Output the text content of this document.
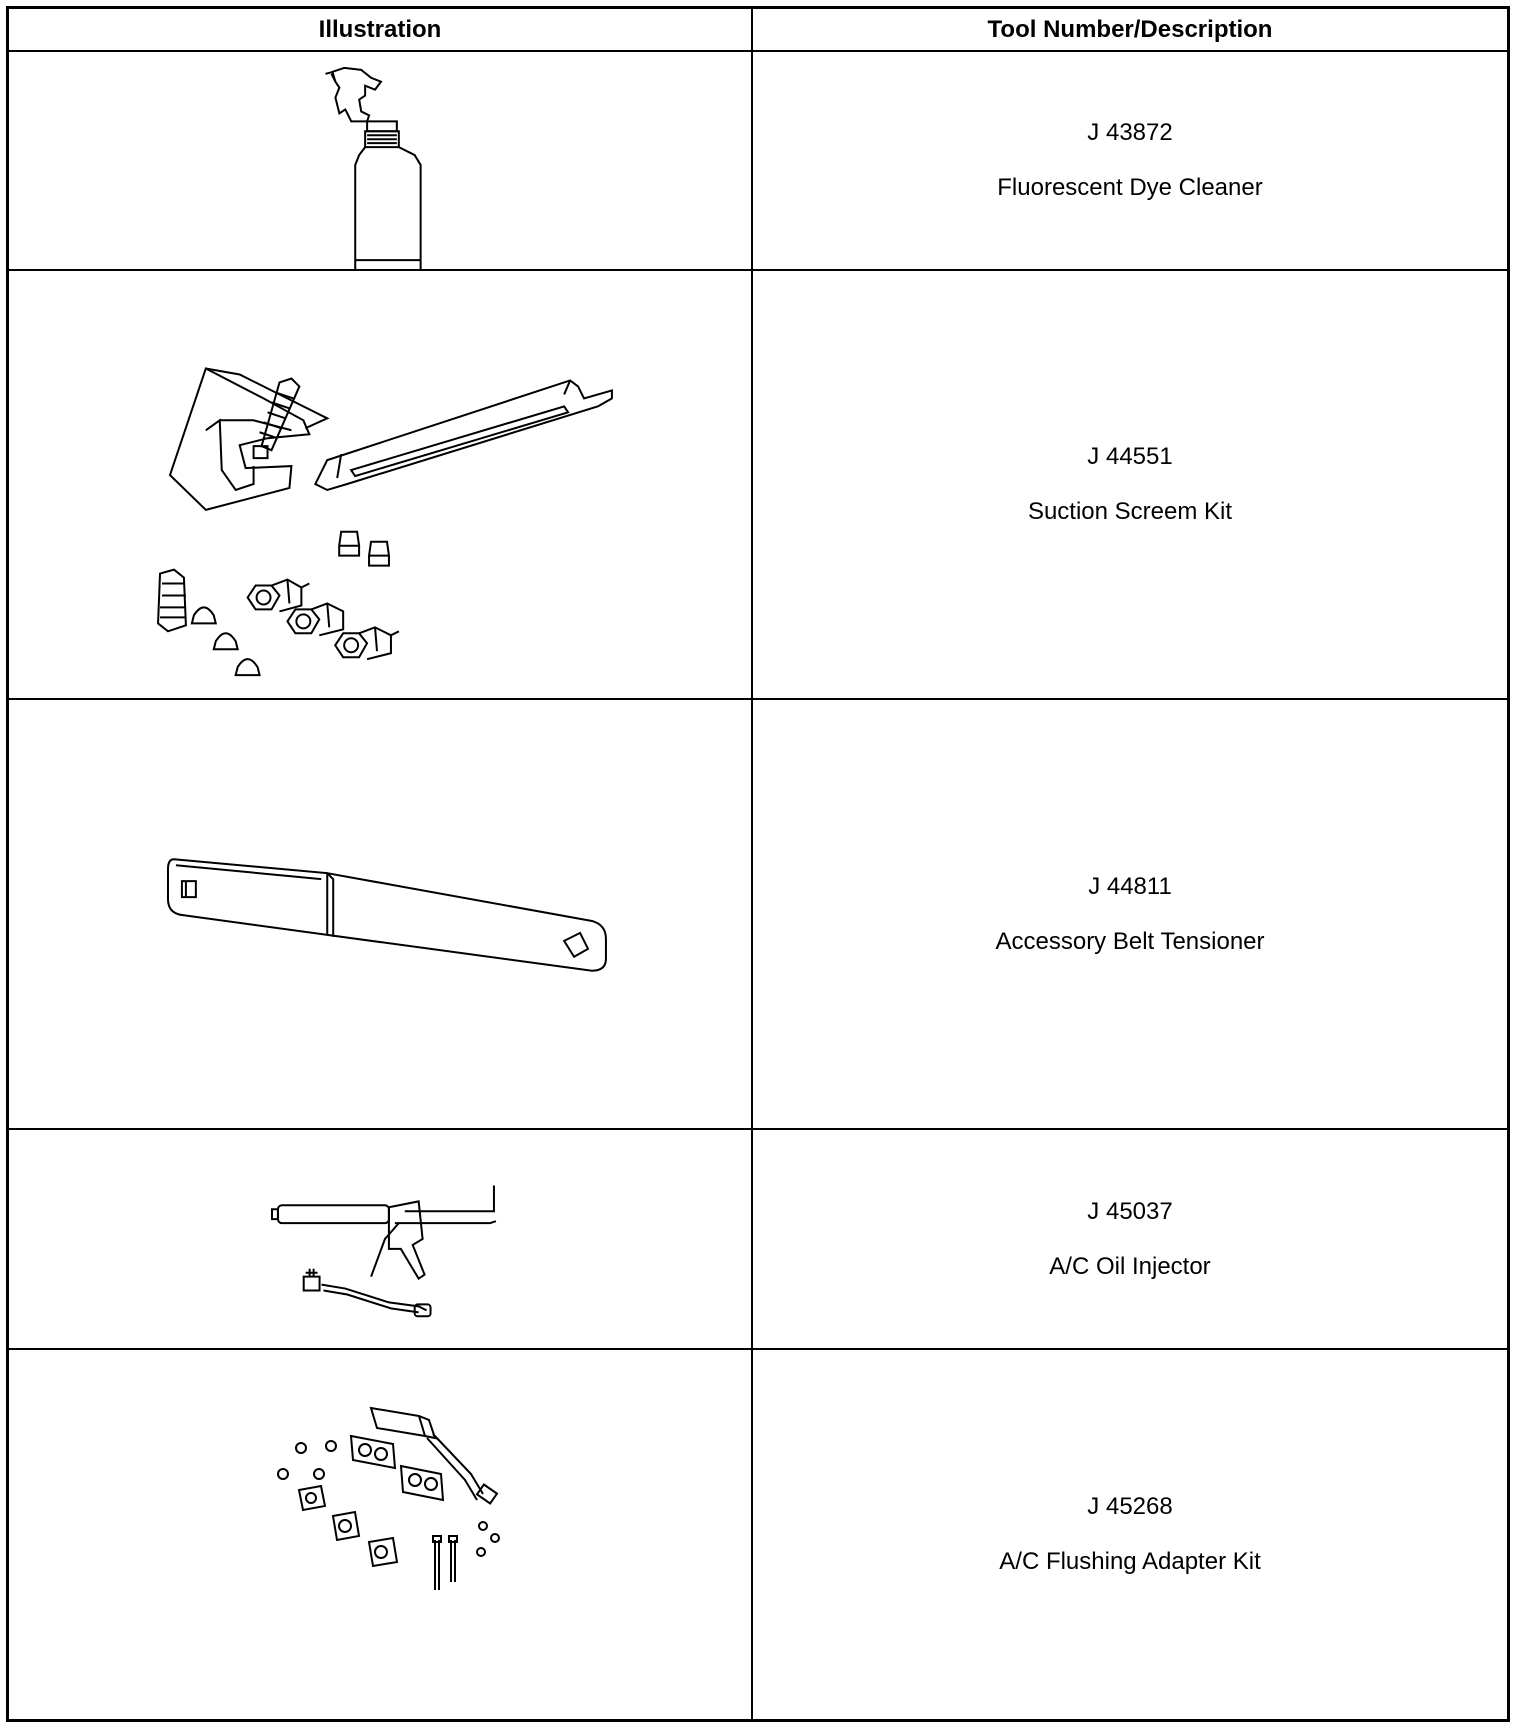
Illustration	Tool Number/Description
J 43872
Fluorescent Dye Cleaner
J 44551
Suction Screem Kit
J 44811
Accessory Belt Tensioner
J 45037
A/C Oil Injector
J 45268
A/C Flushing Adapter Kit
